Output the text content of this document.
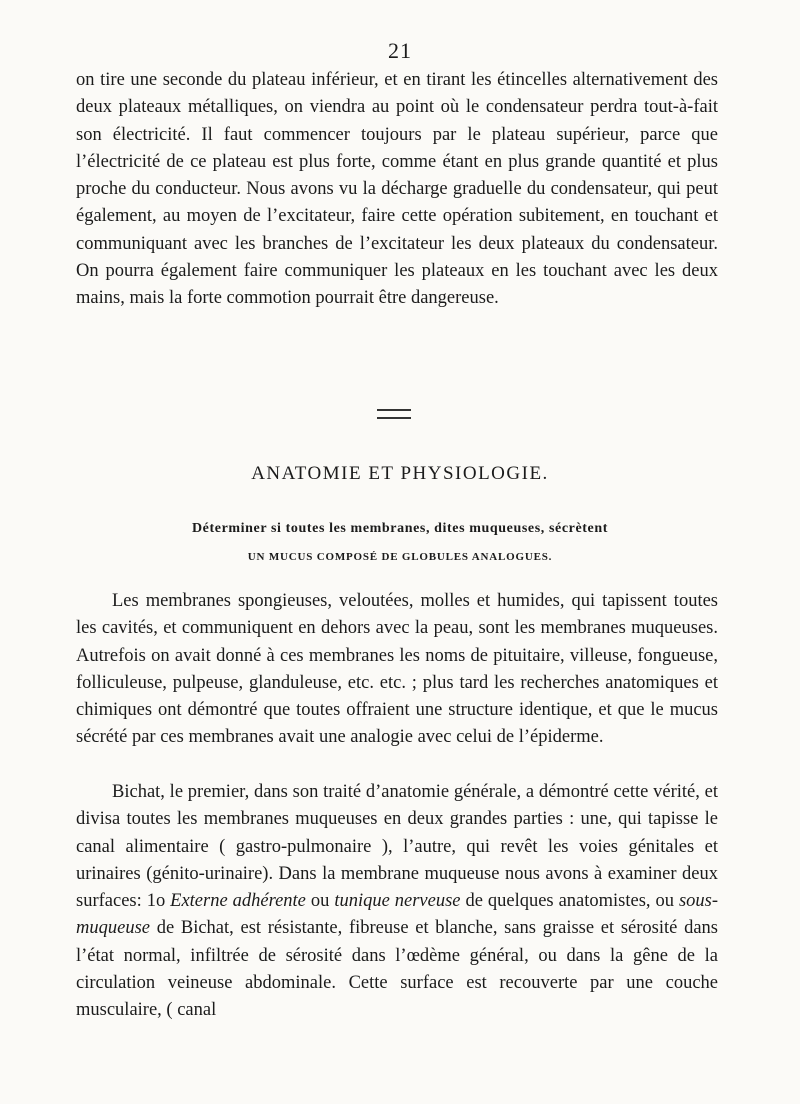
21

on tire une seconde du plateau inférieur, et en tirant les étincelles alternativement des deux plateaux métalliques, on viendra au point où le condensateur perdra tout-à-fait son électricité. Il faut commencer toujours par le plateau supérieur, parce que l’électricité de ce plateau est plus forte, comme étant en plus grande quantité et plus proche du conducteur. Nous avons vu la décharge graduelle du condensateur, qui peut également, au moyen de l’excitateur, faire cette opération subitement, en touchant et communiquant avec les branches de l’excitateur les deux plateaux du condensateur. On pourra également faire communiquer les plateaux en les touchant avec les deux mains, mais la forte commotion pourrait être dangereuse.

ANATOMIE ET PHYSIOLOGIE.
Déterminer si toutes les membranes, dites muqueuses, sécrètent
UN MUCUS COMPOSÉ DE GLOBULES ANALOGUES.

Les membranes spongieuses, veloutées, molles et humides, qui tapissent toutes les cavités, et communiquent en dehors avec la peau, sont les membranes muqueuses. Autrefois on avait donné à ces membranes les noms de pituitaire, villeuse, fongueuse, folliculeuse, pulpeuse, glanduleuse, etc. etc. ; plus tard les recherches anatomiques et chimiques ont démontré que toutes offraient une structure identique, et que le mucus sécrété par ces membranes avait une analogie avec celui de l’épiderme.

Bichat, le premier, dans son traité d’anatomie générale, a démontré cette vérité, et divisa toutes les membranes muqueuses en deux grandes parties : une, qui tapisse le canal alimentaire ( gastro-pulmonaire ), l’autre, qui revêt les voies génitales et urinaires (génito-urinaire). Dans la membrane muqueuse nous avons à examiner deux surfaces: 1o Externe adhérente ou tunique nerveuse de quelques anatomistes, ou sous-muqueuse de Bichat, est résistante, fibreuse et blanche, sans graisse et sérosité dans l’état normal, infiltrée de sérosité dans l’œdème général, ou dans la gêne de la circulation veineuse abdominale. Cette surface est recouverte par une couche musculaire, ( canal
